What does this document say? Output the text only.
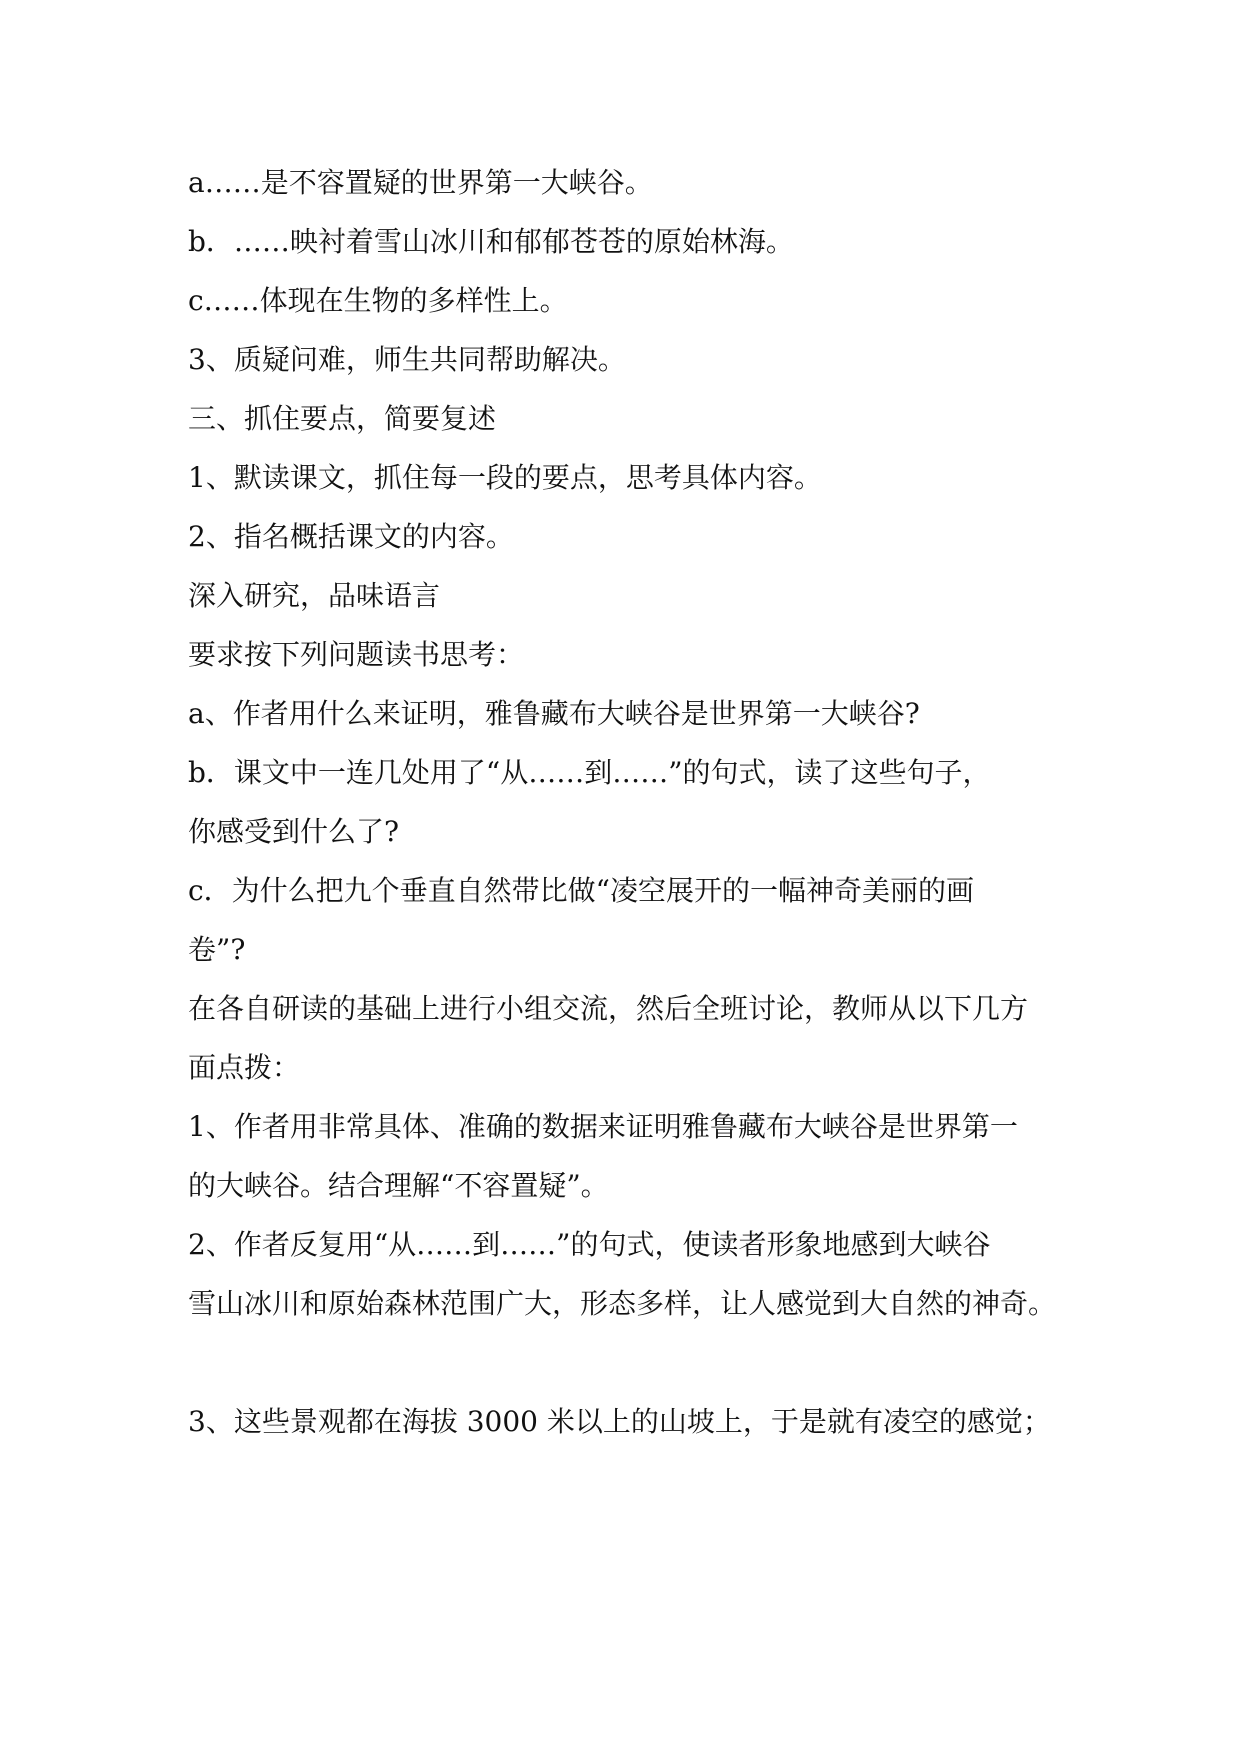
a……是不容置疑的世界第一大峡谷。
b．……映衬着雪山冰川和郁郁苍苍的原始林海。
c……体现在生物的多样性上。
3、质疑问难，师生共同帮助解决。
三、抓住要点，简要复述
1、默读课文，抓住每一段的要点，思考具体内容。
2、指名概括课文的内容。
深入研究，品味语言
要求按下列问题读书思考：
a、作者用什么来证明，雅鲁藏布大峡谷是世界第一大峡谷?
b．课文中一连几处用了“从……到……”的句式，读了这些句子，
你感受到什么了?
c．为什么把九个垂直自然带比做“凌空展开的一幅神奇美丽的画
卷”?
在各自研读的基础上进行小组交流，然后全班讨论，教师从以下几方
面点拨：
1、作者用非常具体、准确的数据来证明雅鲁藏布大峡谷是世界第一
的大峡谷。结合理解“不容置疑”。
2、作者反复用“从……到……”的句式，使读者形象地感到大峡谷
雪山冰川和原始森林范围广大，形态多样，让人感觉到大自然的神奇。
3、这些景观都在海拔 3000 米以上的山坡上，于是就有凌空的感觉；
